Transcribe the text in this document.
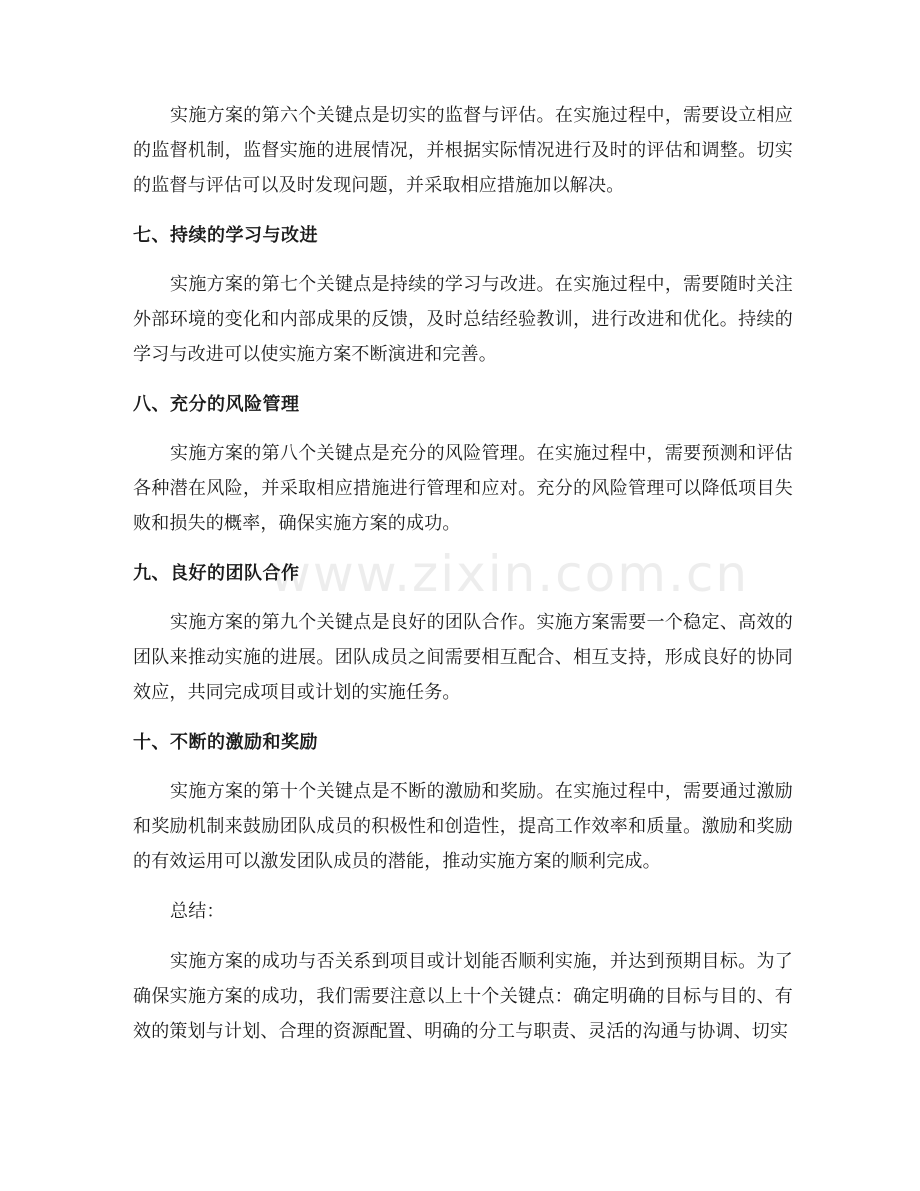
实施方案的第六个关键点是切实的监督与评估。在实施过程中，需要设立相应的监督机制，监督实施的进展情况，并根据实际情况进行及时的评估和调整。切实的监督与评估可以及时发现问题，并采取相应措施加以解决。

七、持续的学习与改进

实施方案的第七个关键点是持续的学习与改进。在实施过程中，需要随时关注外部环境的变化和内部成果的反馈，及时总结经验教训，进行改进和优化。持续的学习与改进可以使实施方案不断演进和完善。

八、充分的风险管理

实施方案的第八个关键点是充分的风险管理。在实施过程中，需要预测和评估各种潜在风险，并采取相应措施进行管理和应对。充分的风险管理可以降低项目失败和损失的概率，确保实施方案的成功。

九、良好的团队合作

实施方案的第九个关键点是良好的团队合作。实施方案需要一个稳定、高效的团队来推动实施的进展。团队成员之间需要相互配合、相互支持，形成良好的协同效应，共同完成项目或计划的实施任务。

十、不断的激励和奖励

实施方案的第十个关键点是不断的激励和奖励。在实施过程中，需要通过激励和奖励机制来鼓励团队成员的积极性和创造性，提高工作效率和质量。激励和奖励的有效运用可以激发团队成员的潜能，推动实施方案的顺利完成。

总结：

实施方案的成功与否关系到项目或计划能否顺利实施，并达到预期目标。为了确保实施方案的成功，我们需要注意以上十个关键点：确定明确的目标与目的、有效的策划与计划、合理的资源配置、明确的分工与职责、灵活的沟通与协调、切实

www.zixin.com.cn
